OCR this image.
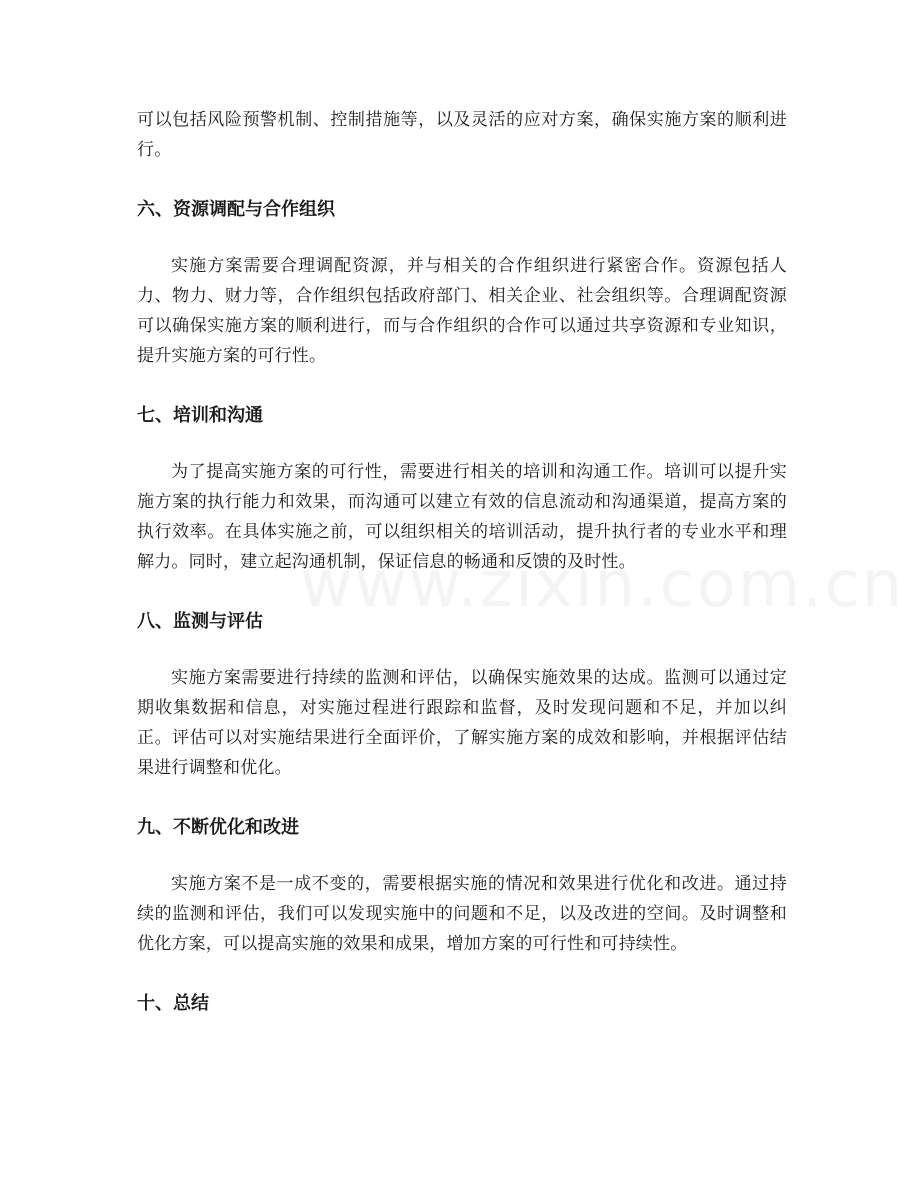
可以包括风险预警机制、控制措施等，以及灵活的应对方案，确保实施方案的顺利进行。

六、资源调配与合作组织

实施方案需要合理调配资源，并与相关的合作组织进行紧密合作。资源包括人力、物力、财力等，合作组织包括政府部门、相关企业、社会组织等。合理调配资源可以确保实施方案的顺利进行，而与合作组织的合作可以通过共享资源和专业知识，提升实施方案的可行性。

七、培训和沟通

为了提高实施方案的可行性，需要进行相关的培训和沟通工作。培训可以提升实施方案的执行能力和效果，而沟通可以建立有效的信息流动和沟通渠道，提高方案的执行效率。在具体实施之前，可以组织相关的培训活动，提升执行者的专业水平和理解力。同时，建立起沟通机制，保证信息的畅通和反馈的及时性。

八、监测与评估

实施方案需要进行持续的监测和评估，以确保实施效果的达成。监测可以通过定期收集数据和信息，对实施过程进行跟踪和监督，及时发现问题和不足，并加以纠正。评估可以对实施结果进行全面评价，了解实施方案的成效和影响，并根据评估结果进行调整和优化。

九、不断优化和改进

实施方案不是一成不变的，需要根据实施的情况和效果进行优化和改进。通过持续的监测和评估，我们可以发现实施中的问题和不足，以及改进的空间。及时调整和优化方案，可以提高实施的效果和成果，增加方案的可行性和可持续性。

十、总结
